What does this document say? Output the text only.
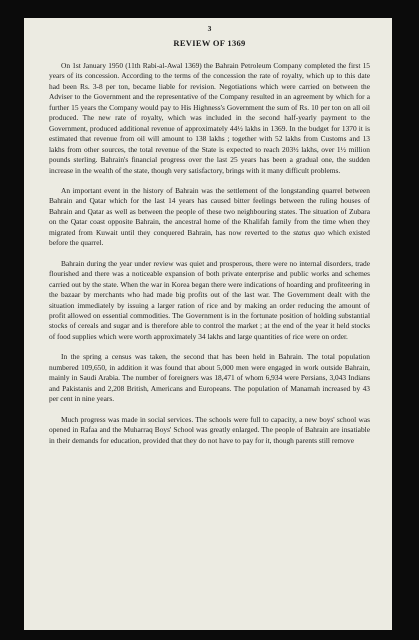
3

REVIEW OF 1369

On 1st January 1950 (11th Rabi-al-Awal 1369) the Bahrain Petroleum Company completed the first 15 years of its concession. According to the terms of the concession the rate of royalty, which up to this date had been Rs. 3-8 per ton, became liable for revision. Negotiations which were carried on between the Adviser to the Government and the representative of the Company resulted in an agreement by which for a further 15 years the Company would pay to His Highness's Government the sum of Rs. 10 per ton on all oil produced. The new rate of royalty, which was included in the second half-yearly payment to the Government, produced additional revenue of approximately 44½ lakhs in 1369. In the budget for 1370 it is estimated that revenue from oil will amount to 138 lakhs ; together with 52 lakhs from Customs and 13 lakhs from other sources, the total revenue of the State is expected to reach 203½ lakhs, over 1½ million pounds sterling. Bahrain's financial progress over the last 25 years has been a gradual one, the sudden increase in the wealth of the state, though very satisfactory, brings with it many difficult problems.

An important event in the history of Bahrain was the settlement of the longstanding quarrel between Bahrain and Qatar which for the last 14 years has caused bitter feelings between the ruling houses of Bahrain and Qatar as well as between the people of these two neighbouring states. The situation of Zubara on the Qatar coast opposite Bahrain, the ancestral home of the Khalifah family from the time when they migrated from Kuwait until they conquered Bahrain, has now reverted to the status quo which existed before the quarrel.

Bahrain during the year under review was quiet and prosperous, there were no internal disorders, trade flourished and there was a noticeable expansion of both private enterprise and public works and schemes carried out by the state. When the war in Korea began there were indications of hoarding and profiteering in the bazaar by merchants who had made big profits out of the last war. The Government dealt with the situation immediately by issuing a larger ration of rice and by making an order reducing the amount of profit allowed on essential commodities. The Government is in the fortunate position of holding substantial stocks of cereals and sugar and is therefore able to control the market ; at the end of the year it held stocks of food supplies which were worth approximately 34 lakhs and large quantities of rice were on order.

In the spring a census was taken, the second that has been held in Bahrain. The total population numbered 109,650, in addition it was found that about 5,000 men were engaged in work outside Bahrain, mainly in Saudi Arabia. The number of foreigners was 18,471 of whom 6,934 were Persians, 3,043 Indians and Pakistanis and 2,208 British, Americans and Europeans. The population of Manamah increased by 43 per cent in nine years.

Much progress was made in social services. The schools were full to capacity, a new boys' school was opened in Rafaa and the Muharraq Boys' School was greatly enlarged. The people of Bahrain are insatiable in their demands for education, provided that they do not have to pay for it, though parents still remove
